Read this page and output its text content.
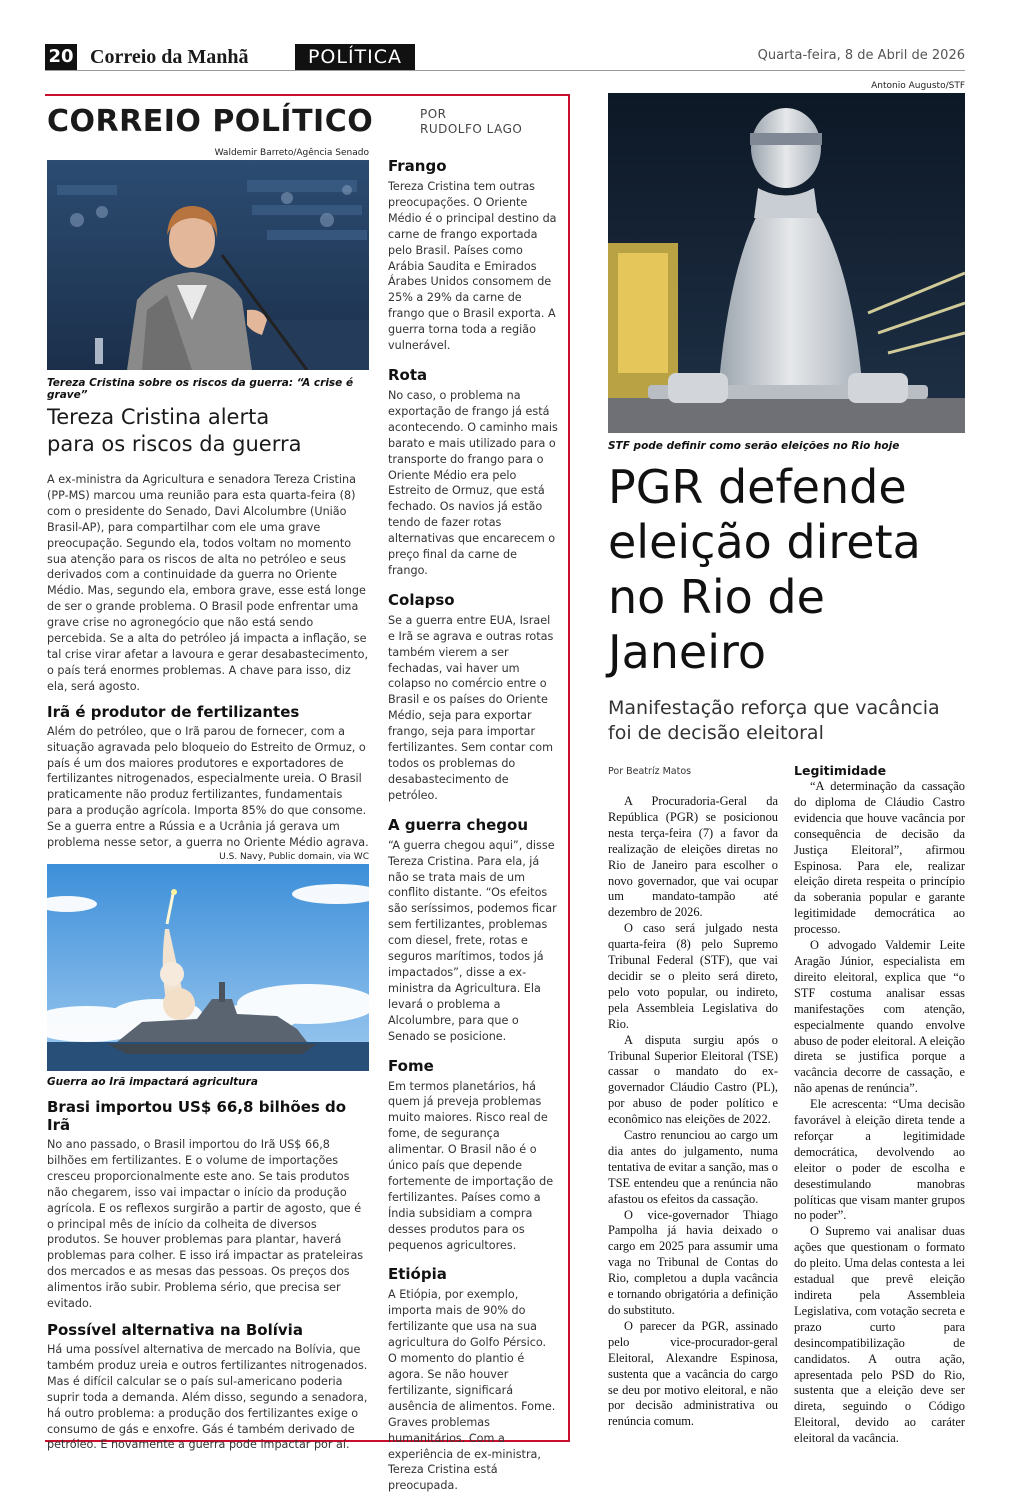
20 Correio da Manhã	POLÍTICA	Quarta-feira, 8 de Abril de 2026
CORREIO POLÍTICO	POR
RUDOLFO LAGO
Waldemir Barreto/Agência Senado
Tereza Cristina sobre os riscos da guerra: “A crise é grave”
Tereza Cristina alerta
para os riscos da guerra

A ex-ministra da Agricultura e senadora Tereza Cristina (PP-MS) marcou uma reunião para esta quarta-feira (8) com o presidente do Senado, Davi Alcolumbre (União Brasil-AP), para compartilhar com ele uma grave preocupação. Segundo ela, todos voltam no momento sua atenção para os riscos de alta no petróleo e seus derivados com a continuidade da guerra no Oriente Médio. Mas, segundo ela, embora grave, esse está longe de ser o grande problema. O Brasil pode enfrentar uma grave crise no agronegócio que não está sendo percebida. Se a alta do petróleo já impacta a inflação, se tal crise virar afetar a lavoura e gerar desabastecimento, o país terá enormes problemas. A chave para isso, diz ela, será agosto.

Irã é produtor de fertilizantes

Além do petróleo, que o Irã parou de fornecer, com a situação agravada pelo bloqueio do Estreito de Ormuz, o país é um dos maiores produtores e exportadores de fertilizantes nitrogenados, especialmente ureia. O Brasil praticamente não produz fertilizantes, fundamentais para a produção agrícola. Importa 85% do que consome. Se a guerra entre a Rússia e a Ucrânia já gerava um problema nesse setor, a guerra no Oriente Médio agrava.

U.S. Navy, Public domain, via WC
Guerra ao Irã impactará agricultura
Brasi importou US$ 66,8 bilhões do Irã

No ano passado, o Brasil importou do Irã US$ 66,8 bilhões em fertilizantes. E o volume de importações cresceu proporcionalmente este ano. Se tais produtos não chegarem, isso vai impactar o início da produção agrícola. E os reflexos surgirão a partir de agosto, que é o principal mês de início da colheita de diversos produtos. Se houver problemas para plantar, haverá problemas para colher. E isso irá impactar as prateleiras dos mercados e as mesas das pessoas. Os preços dos alimentos irão subir. Problema sério, que precisa ser evitado.

Possível alternativa na Bolívia

Há uma possível alternativa de mercado na Bolívia, que também produz ureia e outros fertilizantes nitrogenados. Mas é difícil calcular se o país sul-americano poderia suprir toda a demanda. Além disso, segundo a senadora, há outro problema: a produção dos fertilizantes exige o consumo de gás e enxofre. Gás é também derivado de petróleo. E novamente a guerra pode impactar por aí.

Frango

Tereza Cristina tem outras preocupações. O Oriente Médio é o principal destino da carne de frango exportada pelo Brasil. Países como Arábia Saudita e Emirados Árabes Unidos consomem de 25% a 29% da carne de frango que o Brasil exporta. A guerra torna toda a região vulnerável.

Rota

No caso, o problema na exportação de frango já está acontecendo. O caminho mais barato e mais utilizado para o transporte do frango para o Oriente Médio era pelo Estreito de Ormuz, que está fechado. Os navios já estão tendo de fazer rotas alternativas que encarecem o preço final da carne de frango.

Colapso

Se a guerra entre EUA, Israel e Irã se agrava e outras rotas também vierem a ser fechadas, vai haver um colapso no comércio entre o Brasil e os países do Oriente Médio, seja para exportar frango, seja para importar fertilizantes. Sem contar com todos os problemas do desabastecimento de petróleo.

A guerra chegou

“A guerra chegou aqui”, disse Tereza Cristina. Para ela, já não se trata mais de um conflito distante. “Os efeitos são seríssimos, podemos ficar sem fertilizantes, problemas com diesel, frete, rotas e seguros marítimos, todos já impactados”, disse a ex-ministra da Agricultura. Ela levará o problema a Alcolumbre, para que o Senado se posicione.

Fome

Em termos planetários, há quem já preveja problemas muito maiores. Risco real de fome, de segurança alimentar. O Brasil não é o único país que depende fortemente de importação de fertilizantes. Países como a Índia subsidiam a compra desses produtos para os pequenos agricultores.

Etiópia

A Etiópia, por exemplo, importa mais de 90% do fertilizante que usa na sua agricultura do Golfo Pérsico. O momento do plantio é agora. Se não houver fertilizante, significará ausência de alimentos. Fome. Graves problemas humanitários. Com a experiência de ex-ministra, Tereza Cristina está preocupada.

Antonio Augusto/STF
STF pode definir como serão eleições no Rio hoje
PGR defende eleição direta no Rio de Janeiro
Manifestação reforça que vacância foi de decisão eleitoral
Por Beatríz Matos

A Procuradoria-Geral da República (PGR) se posicionou nesta terça-feira (7) a favor da realização de eleições diretas no Rio de Janeiro para escolher o novo governador, que vai ocupar um mandato-tampão até dezembro de 2026.

O caso será julgado nesta quarta-feira (8) pelo Supremo Tribunal Federal (STF), que vai decidir se o pleito será direto, pelo voto popular, ou indireto, pela Assembleia Legislativa do Rio.

A disputa surgiu após o Tribunal Superior Eleitoral (TSE) cassar o mandato do ex-governador Cláudio Castro (PL), por abuso de poder político e econômico nas eleições de 2022.

Castro renunciou ao cargo um dia antes do julgamento, numa tentativa de evitar a sanção, mas o TSE entendeu que a renúncia não afastou os efeitos da cassação.

O vice-governador Thiago Pampolha já havia deixado o cargo em 2025 para assumir uma vaga no Tribunal de Contas do Rio, completou a dupla vacância e tornando obrigatória a definição do substituto.

O parecer da PGR, assinado pelo vice-procurador-geral Eleitoral, Alexandre Espinosa, sustenta que a vacância do cargo se deu por motivo eleitoral, e não por decisão administrativa ou renúncia comum.

Legitimidade

“A determinação da cassação do diploma de Cláudio Castro evidencia que houve vacância por consequência de decisão da Justiça Eleitoral”, afirmou Espinosa. Para ele, realizar eleição direta respeita o princípio da soberania popular e garante legitimidade democrática ao processo.

O advogado Valdemir Leite Aragão Júnior, especialista em direito eleitoral, explica que “o STF costuma analisar essas manifestações com atenção, especialmente quando envolve abuso de poder eleitoral. A eleição direta se justifica porque a vacância decorre de cassação, e não apenas de renúncia”.

Ele acrescenta: “Uma decisão favorável à eleição direta tende a reforçar a legitimidade democrática, devolvendo ao eleitor o poder de escolha e desestimulando manobras políticas que visam manter grupos no poder”.

O Supremo vai analisar duas ações que questionam o formato do pleito. Uma delas contesta a lei estadual que prevê eleição indireta pela Assembleia Legislativa, com votação secreta e prazo curto para desincompatibilização de candidatos. A outra ação, apresentada pelo PSD do Rio, sustenta que a eleição deve ser direta, seguindo o Código Eleitoral, devido ao caráter eleitoral da vacância.
